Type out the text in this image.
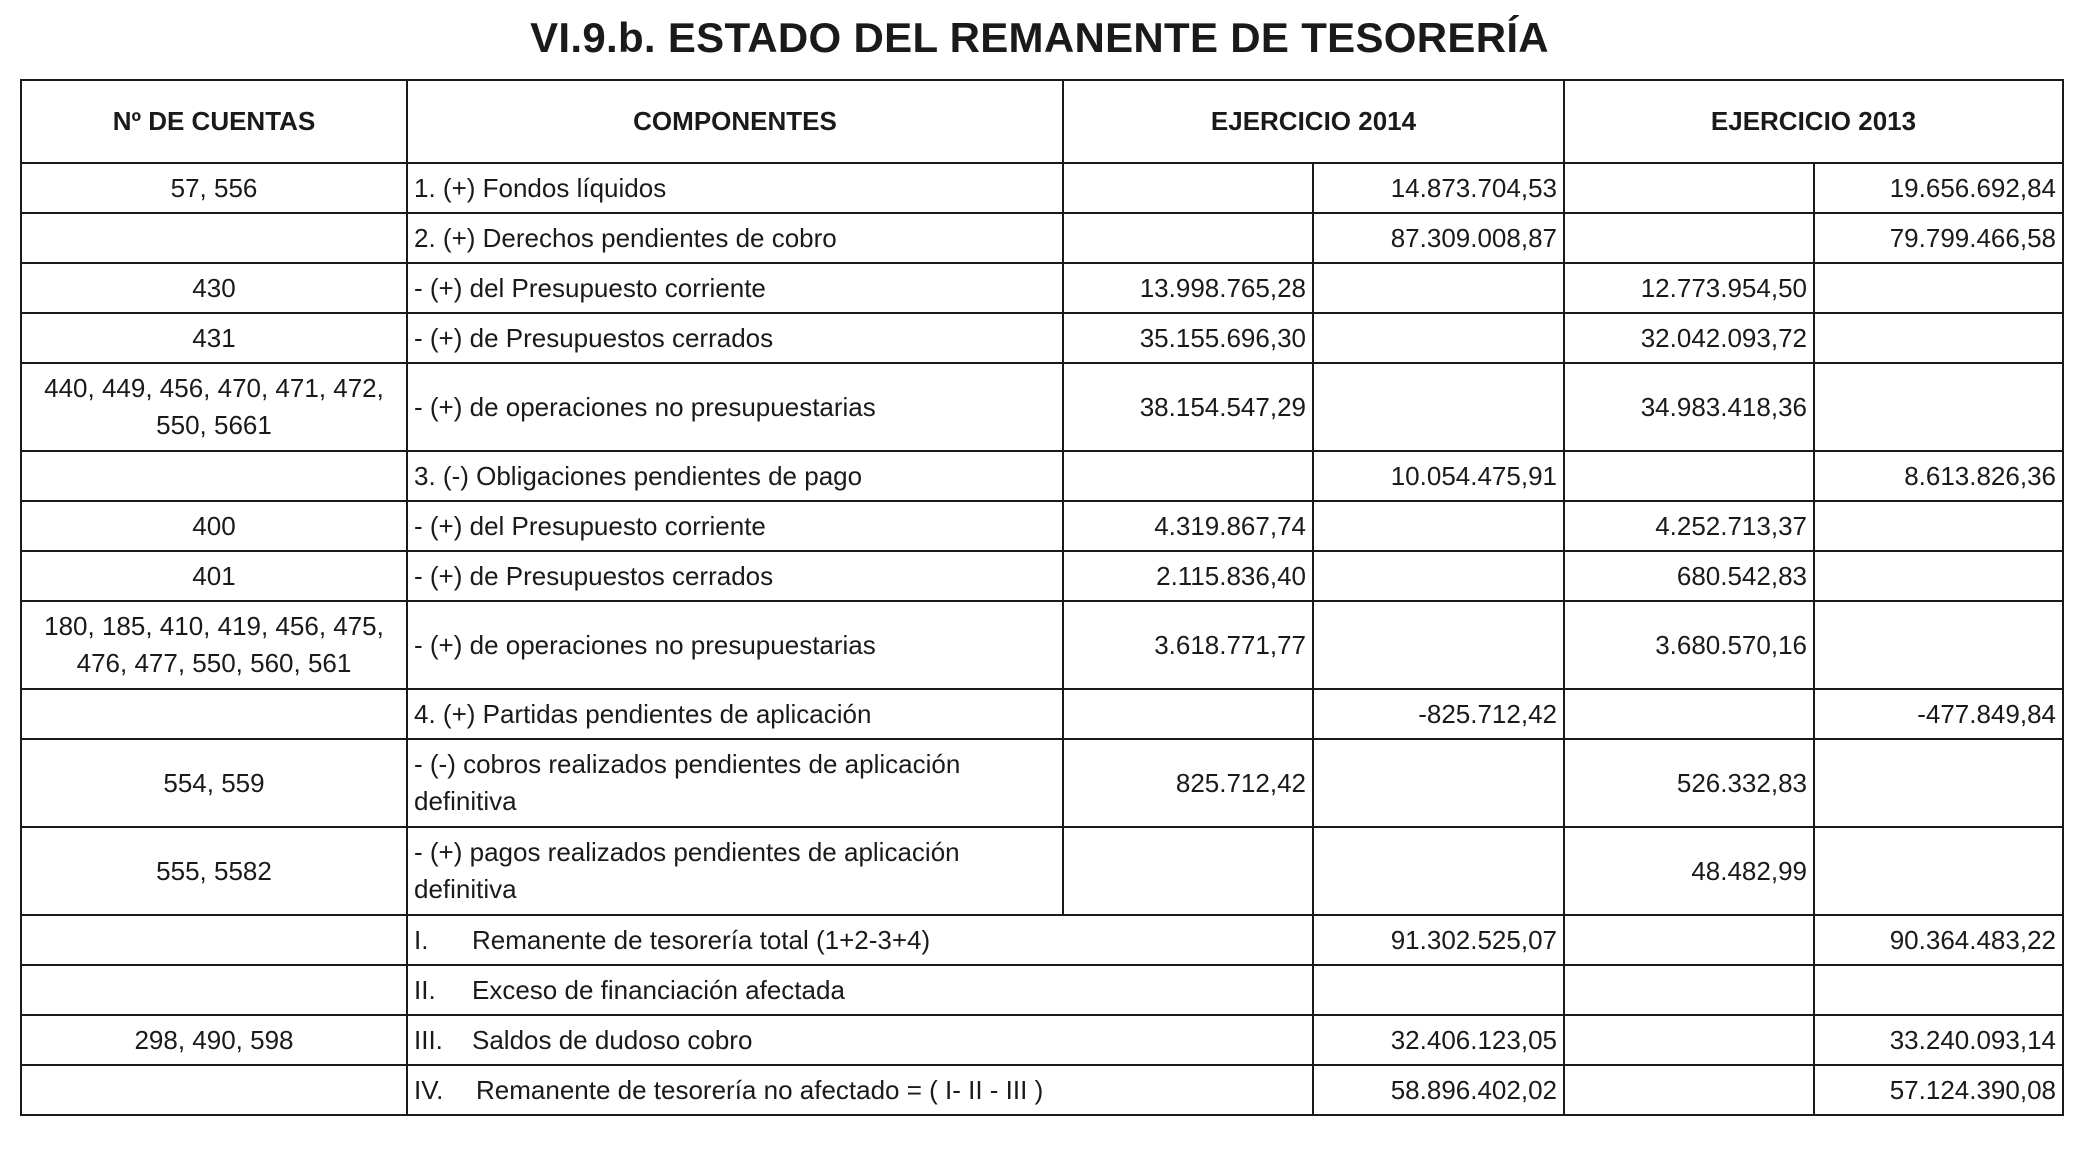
VI.9.b. ESTADO DEL REMANENTE DE TESORERÍA
Nº DE CUENTAS	COMPONENTES	EJERCICIO 2014		EJERCICIO 2013	
57, 556	1. (+) Fondos líquidos		14.873.704,53		19.656.692,84
	2. (+) Derechos pendientes de cobro		87.309.008,87		79.799.466,58
430	- (+) del Presupuesto corriente	13.998.765,28		12.773.954,50	
431	- (+) de Presupuestos cerrados	35.155.696,30		32.042.093,72	
440, 449, 456, 470, 471, 472, 550, 5661	- (+) de operaciones no presupuestarias	38.154.547,29		34.983.418,36	
	3. (-) Obligaciones pendientes de pago		10.054.475,91		8.613.826,36
400	- (+) del Presupuesto corriente	4.319.867,74		4.252.713,37	
401	- (+) de Presupuestos cerrados	2.115.836,40		680.542,83	
180, 185, 410, 419, 456, 475, 476, 477, 550, 560, 561	- (+) de operaciones no presupuestarias	3.618.771,77		3.680.570,16	
	4. (+) Partidas pendientes de aplicación		-825.712,42		-477.849,84
554, 559	- (-) cobros realizados pendientes de aplicación definitiva	825.712,42		526.332,83	
555, 5582	- (+) pagos realizados pendientes de aplicación definitiva			48.482,99	
	I. Remanente de tesorería total (1+2-3+4)		91.302.525,07		90.364.483,22
	II. Exceso de financiación afectada				
298, 490, 598	III. Saldos de dudoso cobro		32.406.123,05		33.240.093,14
	IV. Remanente de tesorería no afectado = ( I- II - III )		58.896.402,02		57.124.390,08
